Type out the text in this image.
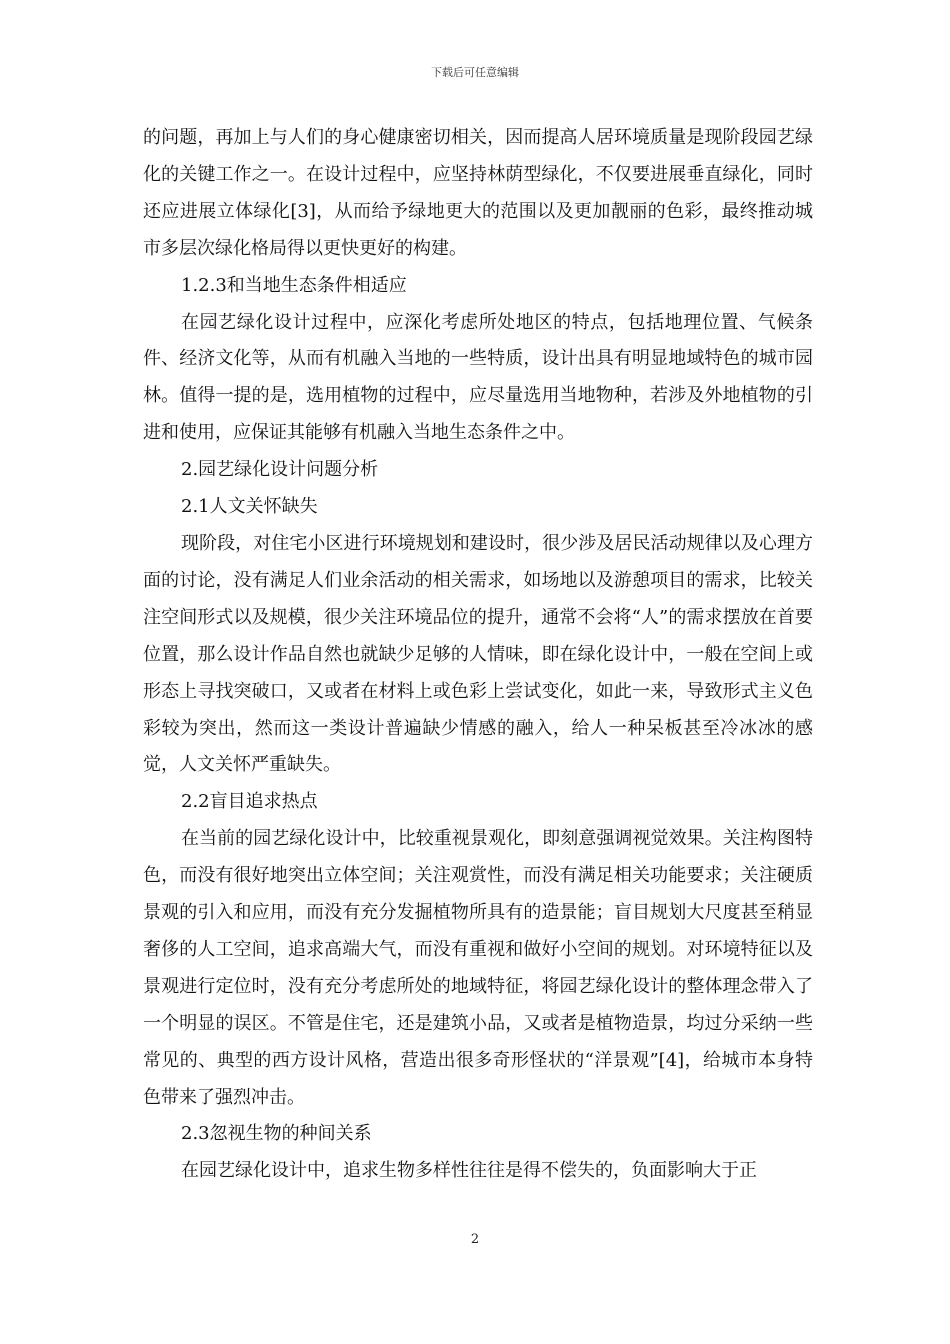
下载后可任意编辑

的问题，再加上与人们的身心健康密切相关，因而提高人居环境质量是现阶段园艺绿化的关键工作之一。在设计过程中，应坚持林荫型绿化，不仅要进展垂直绿化，同时还应进展立体绿化[3]，从而给予绿地更大的范围以及更加靓丽的色彩，最终推动城市多层次绿化格局得以更快更好的构建。

1.2.3和当地生态条件相适应

在园艺绿化设计过程中，应深化考虑所处地区的特点，包括地理位置、气候条件、经济文化等，从而有机融入当地的一些特质，设计出具有明显地域特色的城市园林。值得一提的是，选用植物的过程中，应尽量选用当地物种，若涉及外地植物的引进和使用，应保证其能够有机融入当地生态条件之中。

2.园艺绿化设计问题分析

2.1人文关怀缺失

现阶段，对住宅小区进行环境规划和建设时，很少涉及居民活动规律以及心理方面的讨论，没有满足人们业余活动的相关需求，如场地以及游憩项目的需求，比较关注空间形式以及规模，很少关注环境品位的提升，通常不会将“人”的需求摆放在首要位置，那么设计作品自然也就缺少足够的人情味，即在绿化设计中，一般在空间上或形态上寻找突破口，又或者在材料上或色彩上尝试变化，如此一来，导致形式主义色彩较为突出，然而这一类设计普遍缺少情感的融入，给人一种呆板甚至冷冰冰的感觉，人文关怀严重缺失。

2.2盲目追求热点

在当前的园艺绿化设计中，比较重视景观化，即刻意强调视觉效果。关注构图特色，而没有很好地突出立体空间；关注观赏性，而没有满足相关功能要求；关注硬质景观的引入和应用，而没有充分发掘植物所具有的造景能；盲目规划大尺度甚至稍显奢侈的人工空间，追求高端大气，而没有重视和做好小空间的规划。对环境特征以及景观进行定位时，没有充分考虑所处的地域特征，将园艺绿化设计的整体理念带入了一个明显的误区。不管是住宅，还是建筑小品，又或者是植物造景，均过分采纳一些常见的、典型的西方设计风格，营造出很多奇形怪状的“洋景观”[4]，给城市本身特色带来了强烈冲击。

2.3忽视生物的种间关系

在园艺绿化设计中，追求生物多样性往往是得不偿失的，负面影响大于正

2
